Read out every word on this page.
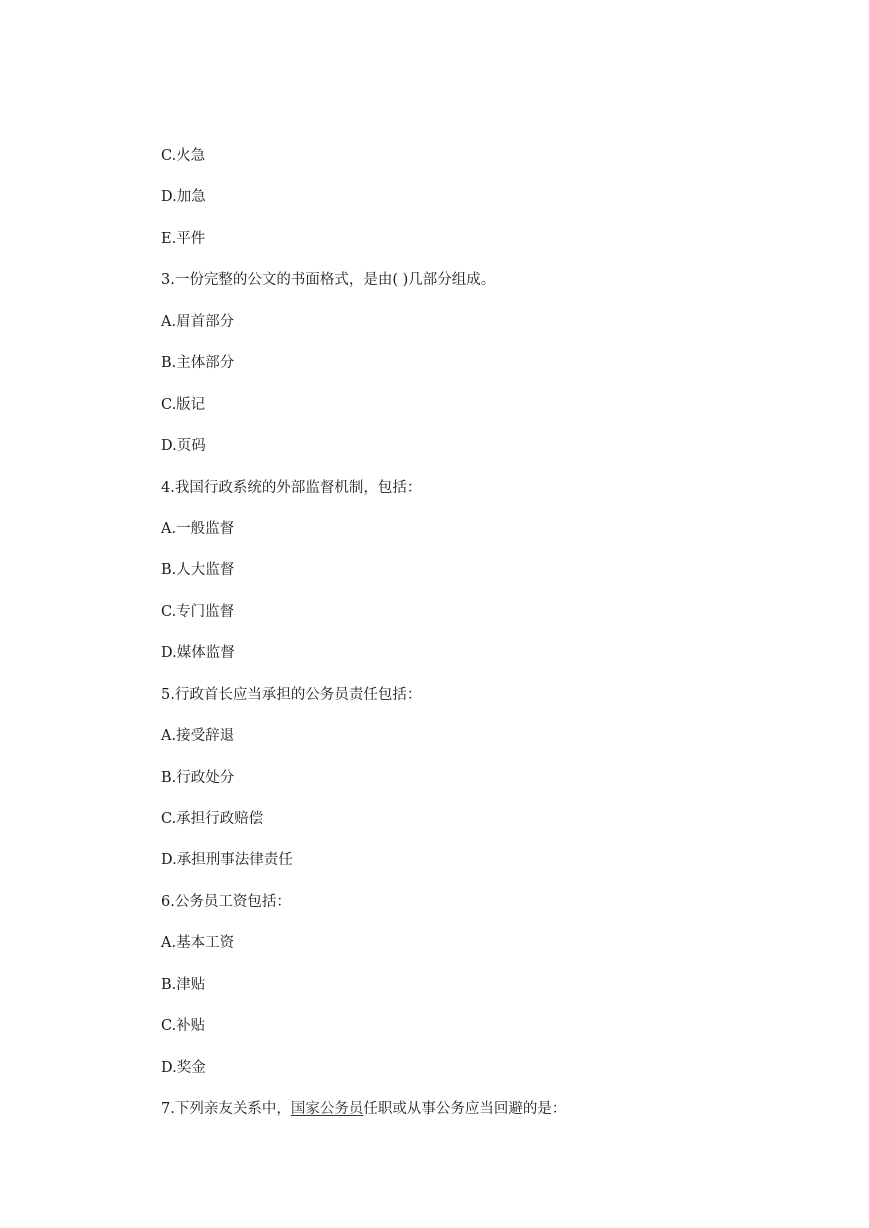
C.火急
D.加急
E.平件
3.一份完整的公文的书面格式，是由( )几部分组成。
A.眉首部分
B.主体部分
C.版记
D.页码
4.我国行政系统的外部监督机制，包括：
A.一般监督
B.人大监督
C.专门监督
D.媒体监督
5.行政首长应当承担的公务员责任包括：
A.接受辞退
B.行政处分
C.承担行政赔偿
D.承担刑事法律责任
6.公务员工资包括：
A.基本工资
B.津贴
C.补贴
D.奖金
7.下列亲友关系中，国家公务员任职或从事公务应当回避的是：
